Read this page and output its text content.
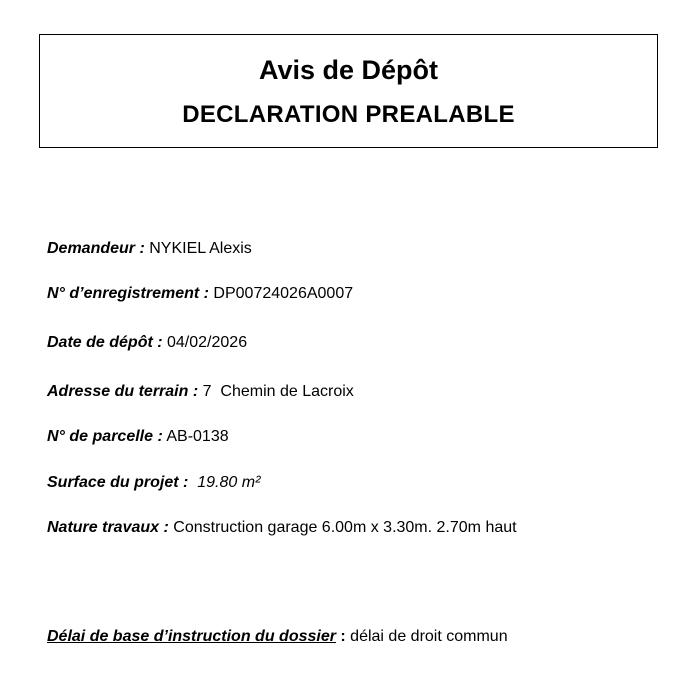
Avis de Dépôt
DECLARATION PREALABLE
Demandeur : NYKIEL Alexis
N° d’enregistrement : DP00724026A0007
Date de dépôt : 04/02/2026
Adresse du terrain : 7  Chemin de Lacroix
N° de parcelle : AB-0138
Surface du projet :  19.80 m²
Nature travaux : Construction garage 6.00m x 3.30m. 2.70m haut
Délai de base d’instruction du dossier : délai de droit commun
